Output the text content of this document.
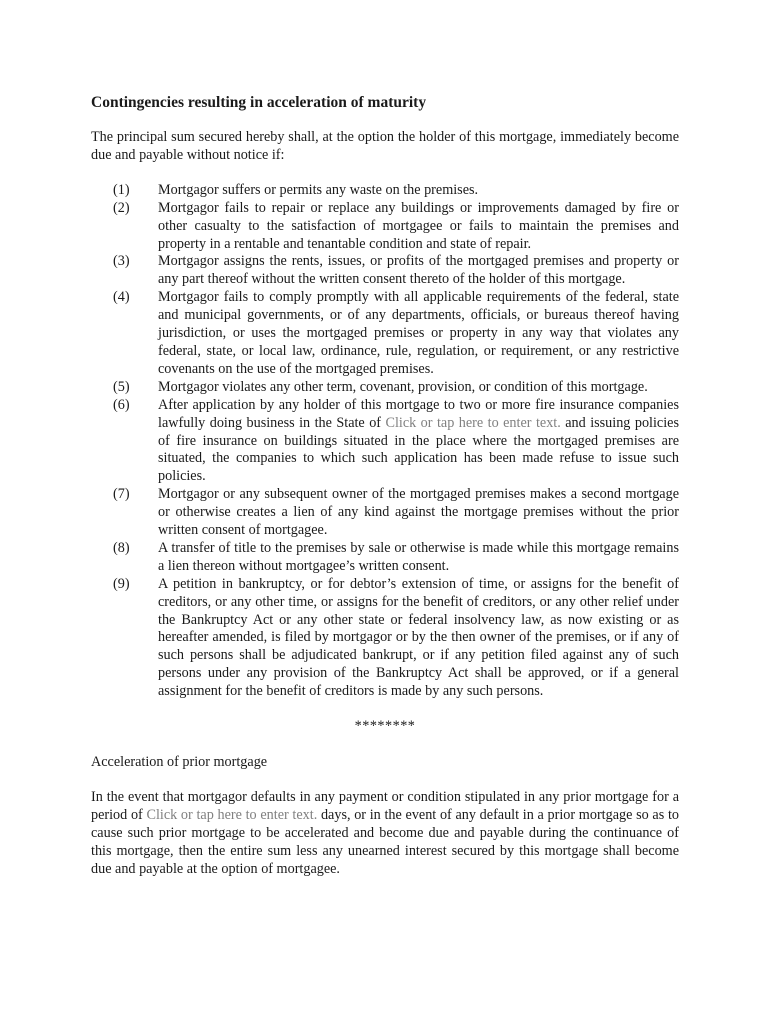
Contingencies resulting in acceleration of maturity

The principal sum secured hereby shall, at the option the holder of this mortgage, immediately become due and payable without notice if:

(1)	Mortgagor suffers or permits any waste on the premises.
(2)	Mortgagor fails to repair or replace any buildings or improvements damaged by fire or other casualty to the satisfaction of mortgagee or fails to maintain the premises and property in a rentable and tenantable condition and state of repair.
(3)	Mortgagor assigns the rents, issues, or profits of the mortgaged premises and property or any part thereof without the written consent thereto of the holder of this mortgage.
(4)	Mortgagor fails to comply promptly with all applicable requirements of the federal, state and municipal governments, or of any departments, officials, or bureaus thereof having jurisdiction, or uses the mortgaged premises or property in any way that violates any federal, state, or local law, ordinance, rule, regulation, or requirement, or any restrictive covenants on the use of the mortgaged premises.
(5)	Mortgagor violates any other term, covenant, provision, or condition of this mortgage.
(6)	After application by any holder of this mortgage to two or more fire insurance companies lawfully doing business in the State of Click or tap here to enter text. and issuing policies of fire insurance on buildings situated in the place where the mortgaged premises are situated, the companies to which such application has been made refuse to issue such policies.
(7)	Mortgagor or any subsequent owner of the mortgaged premises makes a second mortgage or otherwise creates a lien of any kind against the mortgage premises without the prior written consent of mortgagee.
(8)	A transfer of title to the premises by sale or otherwise is made while this mortgage remains a lien thereon without mortgagee’s written consent.
(9)	A petition in bankruptcy, or for debtor’s extension of time, or assigns for the benefit of creditors, or any other time, or assigns for the benefit of creditors, or any other relief under the Bankruptcy Act or any other state or federal insolvency law, as now existing or as hereafter amended, is filed by mortgagor or by the then owner of the premises, or if any of such persons shall be adjudicated bankrupt, or if any petition filed against any of such persons under any provision of the Bankruptcy Act shall be approved, or if a general assignment for the benefit of creditors is made by any such persons.
********

Acceleration of prior mortgage

In the event that mortgagor defaults in any payment or condition stipulated in any prior mortgage for a period of Click or tap here to enter text. days, or in the event of any default in a prior mortgage so as to cause such prior mortgage to be accelerated and become due and payable during the continuance of this mortgage, then the entire sum less any unearned interest secured by this mortgage shall become due and payable at the option of mortgagee.
